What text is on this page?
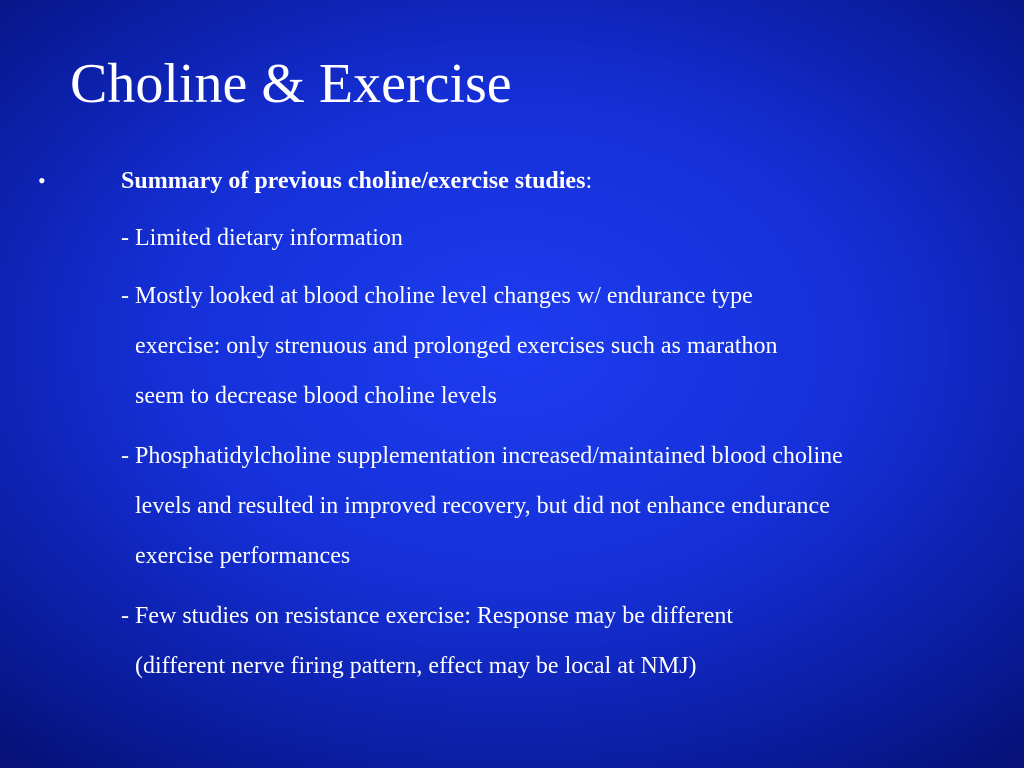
Choline & Exercise
•	Summary of previous choline/exercise studies:
- Limited dietary information
- Mostly looked at blood choline level changes w/ endurance type
exercise: only strenuous and prolonged exercises such as marathon
seem to decrease blood choline levels
- Phosphatidylcholine supplementation increased/maintained blood choline
levels and resulted in improved recovery, but did not enhance endurance
exercise performances
- Few studies on resistance exercise: Response may be different
(different nerve firing pattern, effect may be local at NMJ)
